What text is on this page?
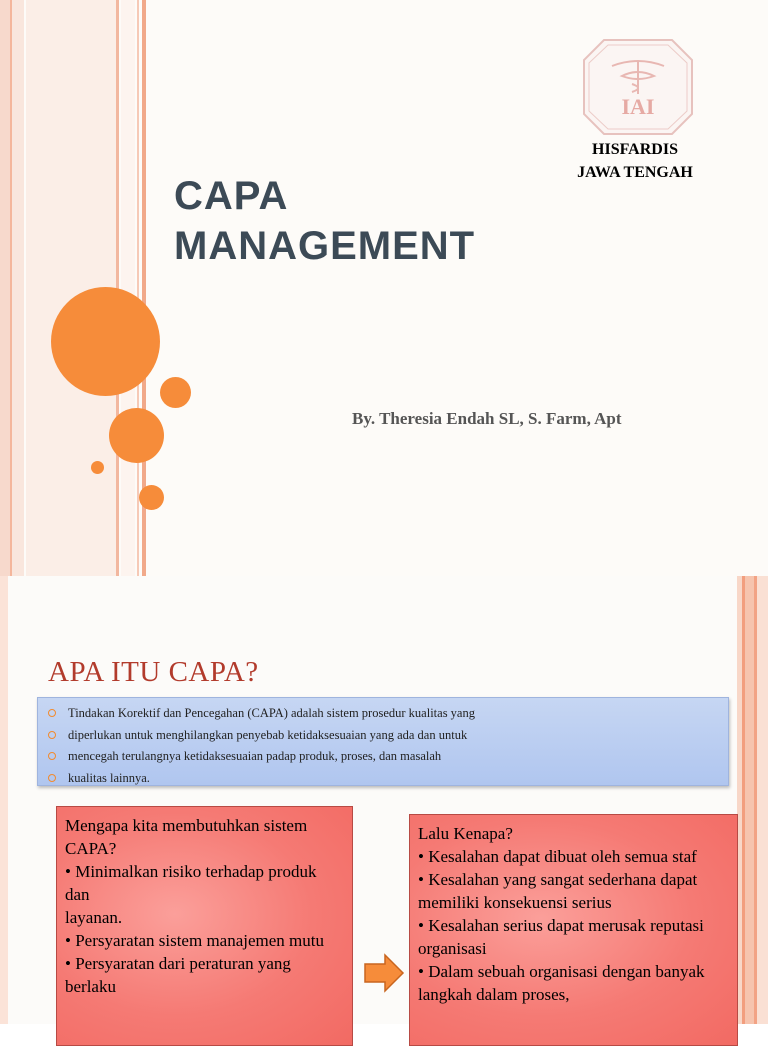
IAI
HISFARDIS
JAWA TENGAH
CAPA
MANAGEMENT
By. Theresia Endah SL, S. Farm, Apt
APA ITU CAPA?
Tindakan Korektif dan Pencegahan (CAPA) adalah sistem prosedur kualitas yang
diperlukan untuk menghilangkan penyebab ketidaksesuaian yang ada dan untuk
mencegah terulangnya ketidaksesuaian padap produk, proses, dan masalah
kualitas lainnya.

Mengapa kita membutuhkan sistem CAPA?

• Minimalkan risiko terhadap produk dan

layanan.

• Persyaratan sistem manajemen mutu

• Persyaratan dari peraturan yang berlaku

Lalu Kenapa?

• Kesalahan dapat dibuat oleh semua staf

• Kesalahan yang sangat sederhana dapat memiliki konsekuensi serius

• Kesalahan serius dapat merusak reputasi organisasi

• Dalam sebuah organisasi dengan banyak langkah dalam proses,
